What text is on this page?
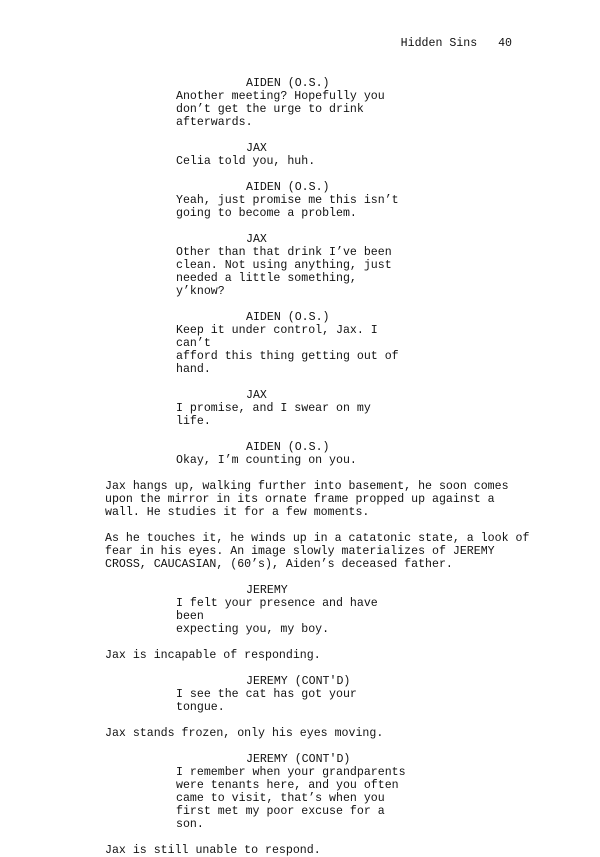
Hidden Sins 40
AIDEN (O.S.)
Another meeting? Hopefully you
don’t get the urge to drink
afterwards.
JAX
Celia told you, huh.
AIDEN (O.S.)
Yeah, just promise me this isn’t
going to become a problem.
JAX
Other than that drink I’ve been
clean. Not using anything, just
needed a little something, y’know?
AIDEN (O.S.)
Keep it under control, Jax. I can’t
afford this thing getting out of
hand.
JAX
I promise, and I swear on my life.
AIDEN (O.S.)
Okay, I’m counting on you.
Jax hangs up, walking further into basement, he soon comes
upon the mirror in its ornate frame propped up against a
wall. He studies it for a few moments.
As he touches it, he winds up in a catatonic state, a look of
fear in his eyes. An image slowly materializes of JEREMY
CROSS, CAUCASIAN, (60’s), Aiden’s deceased father.
JEREMY
I felt your presence and have been
expecting you, my boy.
Jax is incapable of responding.
JEREMY (CONT'D)
I see the cat has got your tongue.
Jax stands frozen, only his eyes moving.
JEREMY (CONT'D)
I remember when your grandparents
were tenants here, and you often
came to visit, that’s when you
first met my poor excuse for a son.
Jax is still unable to respond.
